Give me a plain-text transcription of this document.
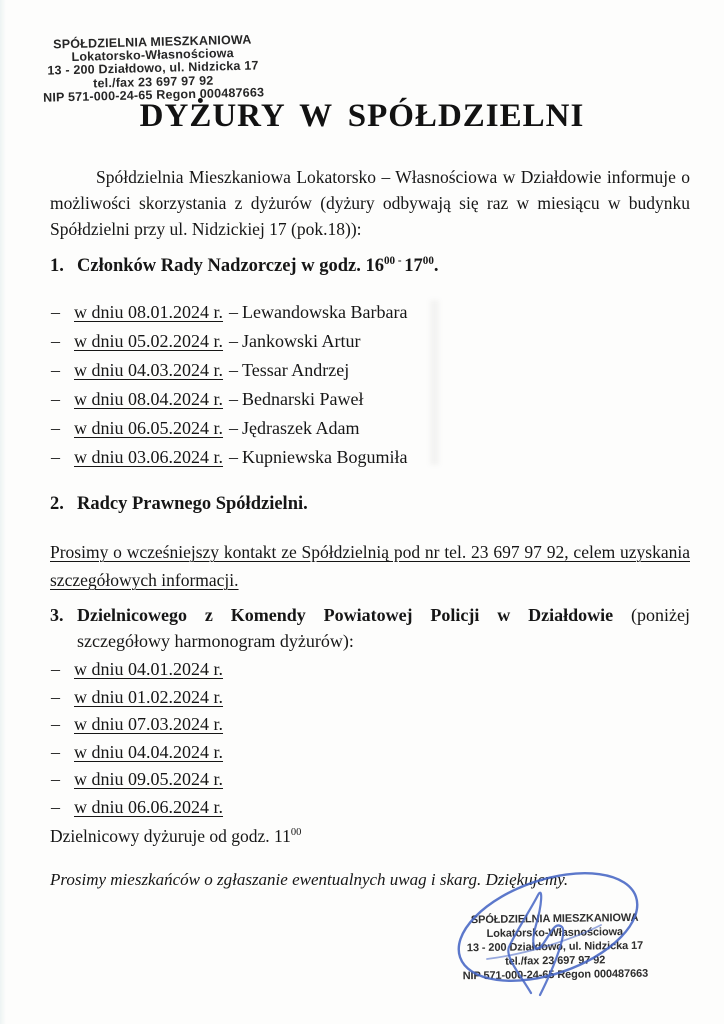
SPÓŁDZIELNIA MIESZKANIOWA
Lokatorsko-Własnościowa
13 - 200 Działdowo, ul. Nidzicka 17
tel./fax 23 697 97 92
NIP 571-000-24-65 Regon 000487663
DYŻURY W SPÓŁDZIELNI

Spółdzielnia Mieszkaniowa Lokatorsko – Własnościowa w Działdowie informuje o możliwości skorzystania z dyżurów (dyżury odbywają się raz w miesiącu w budynku Spółdzielni przy ul. Nidzickiej 17 (pok.18)):

1. Członków Rady Nadzorczej w godz. $16^{00}$ - $17^{00}$.
– w dniu 08.01.2024 r. – Lewandowska Barbara
– w dniu 05.02.2024 r. – Jankowski Artur
– w dniu 04.03.2024 r. – Tessar Andrzej
– w dniu 08.04.2024 r. – Bednarski Paweł
– w dniu 06.05.2024 r. – Jędraszek Adam
– w dniu 03.06.2024 r. – Kupniewska Bogumiła
2. Radcy Prawnego Spółdzielni.

Prosimy o wcześniejszy kontakt ze Spółdzielnią pod nr tel. 23 697 97 92, celem uzyskania szczegółowych informacji.

3. Dzielnicowego z Komendy Powiatowej Policji w Działdowie (poniżej szczegółowy harmonogram dyżurów):
– w dniu 04.01.2024 r.
– w dniu 01.02.2024 r.
– w dniu 07.03.2024 r.
– w dniu 04.04.2024 r.
– w dniu 09.05.2024 r.
– w dniu 06.06.2024 r.

Dzielnicowy dyżuruje od godz. $11^{00}$

Prosimy mieszkańców o zgłaszanie ewentualnych uwag i skarg. Dziękujemy.

SPÓŁDZIELNIA MIESZKANIOWA
Lokatorsko-Własnościowa
13 - 200 Działdowo, ul. Nidzicka 17
tel./fax 23 697 97 92
NIP 571-000-24-65 Regon 000487663
